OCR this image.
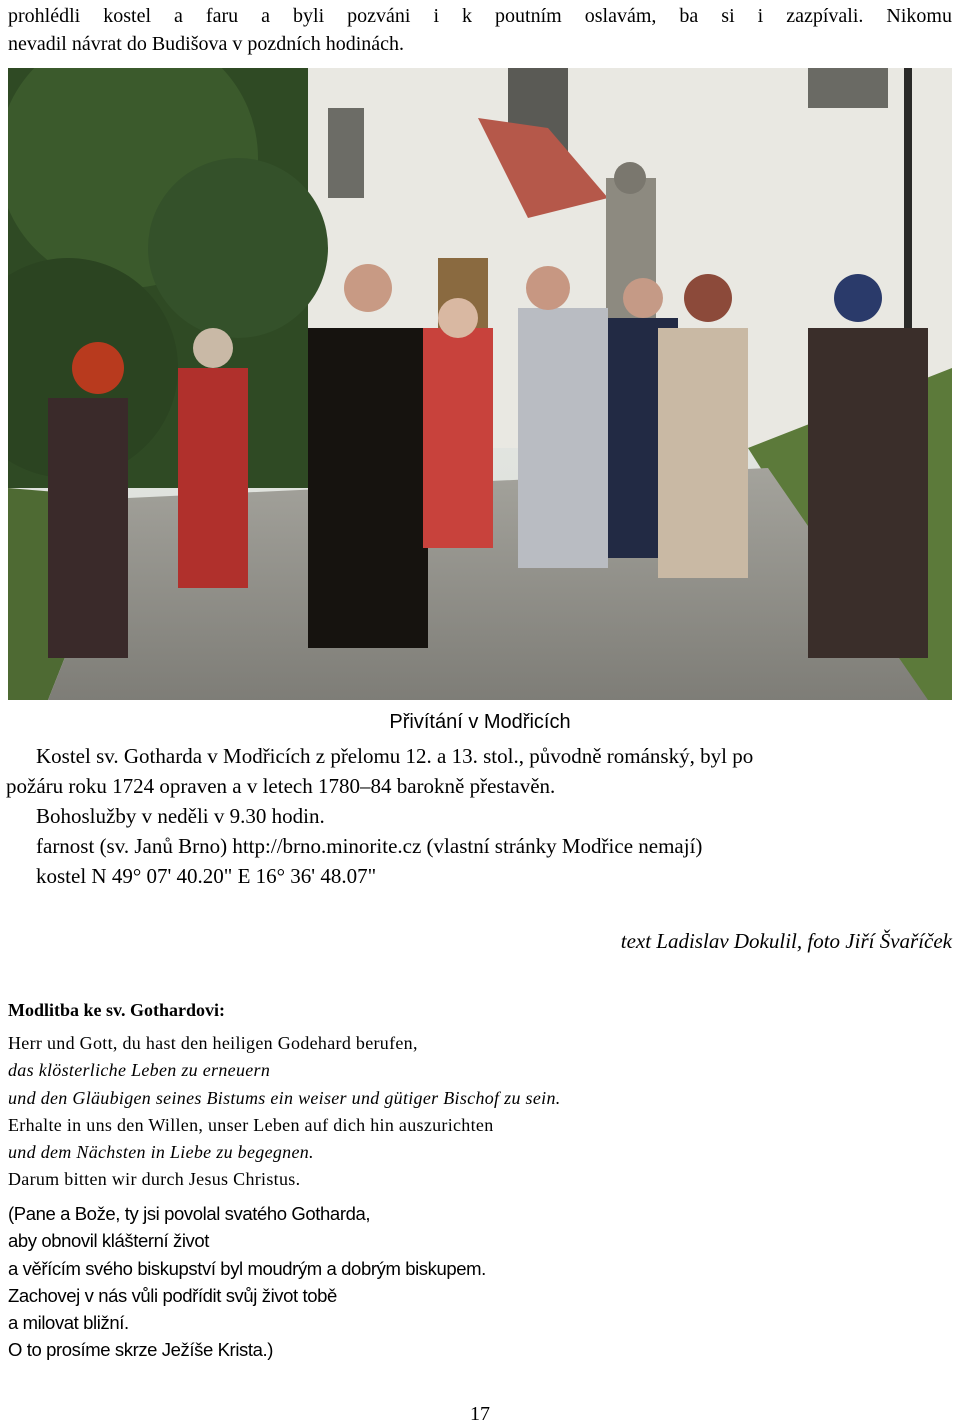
prohlédli kostel a faru a byli pozváni i k poutním oslavám, ba si i zazpívali. Nikomu
nevadil návrat do Budišova v pozdních hodinách.
Přivítání v Modřicích
Kostel sv. Gotharda v Modřicích z přelomu 12. a 13. stol., původně románský, byl po
požáru roku 1724 opraven a v letech 1780–84 barokně přestavěn.
Bohoslužby v neděli v 9.30 hodin.
farnost (sv. Janů Brno) http://brno.minorite.cz (vlastní stránky Modřice nemají)
kostel N 49° 07' 40.20" E 16° 36' 48.07"
text Ladislav Dokulil, foto Jiří Švaříček
Modlitba ke sv. Gothardovi:
Herr und Gott, du hast den heiligen Godehard berufen,
das klösterliche Leben zu erneuern
und den Gläubigen seines Bistums ein weiser und gütiger Bischof zu sein.
Erhalte in uns den Willen, unser Leben auf dich hin auszurichten
und dem Nächsten in Liebe zu begegnen.
Darum bitten wir durch Jesus Christus.
(Pane a Bože, ty jsi povolal svatého Gotharda,
aby obnovil klášterní život
a věřícím svého biskupství byl moudrým a dobrým biskupem.
Zachovej v nás vůli podřídit svůj život tobě
a milovat bližní.
O to prosíme skrze Ježíše Krista.)
17
